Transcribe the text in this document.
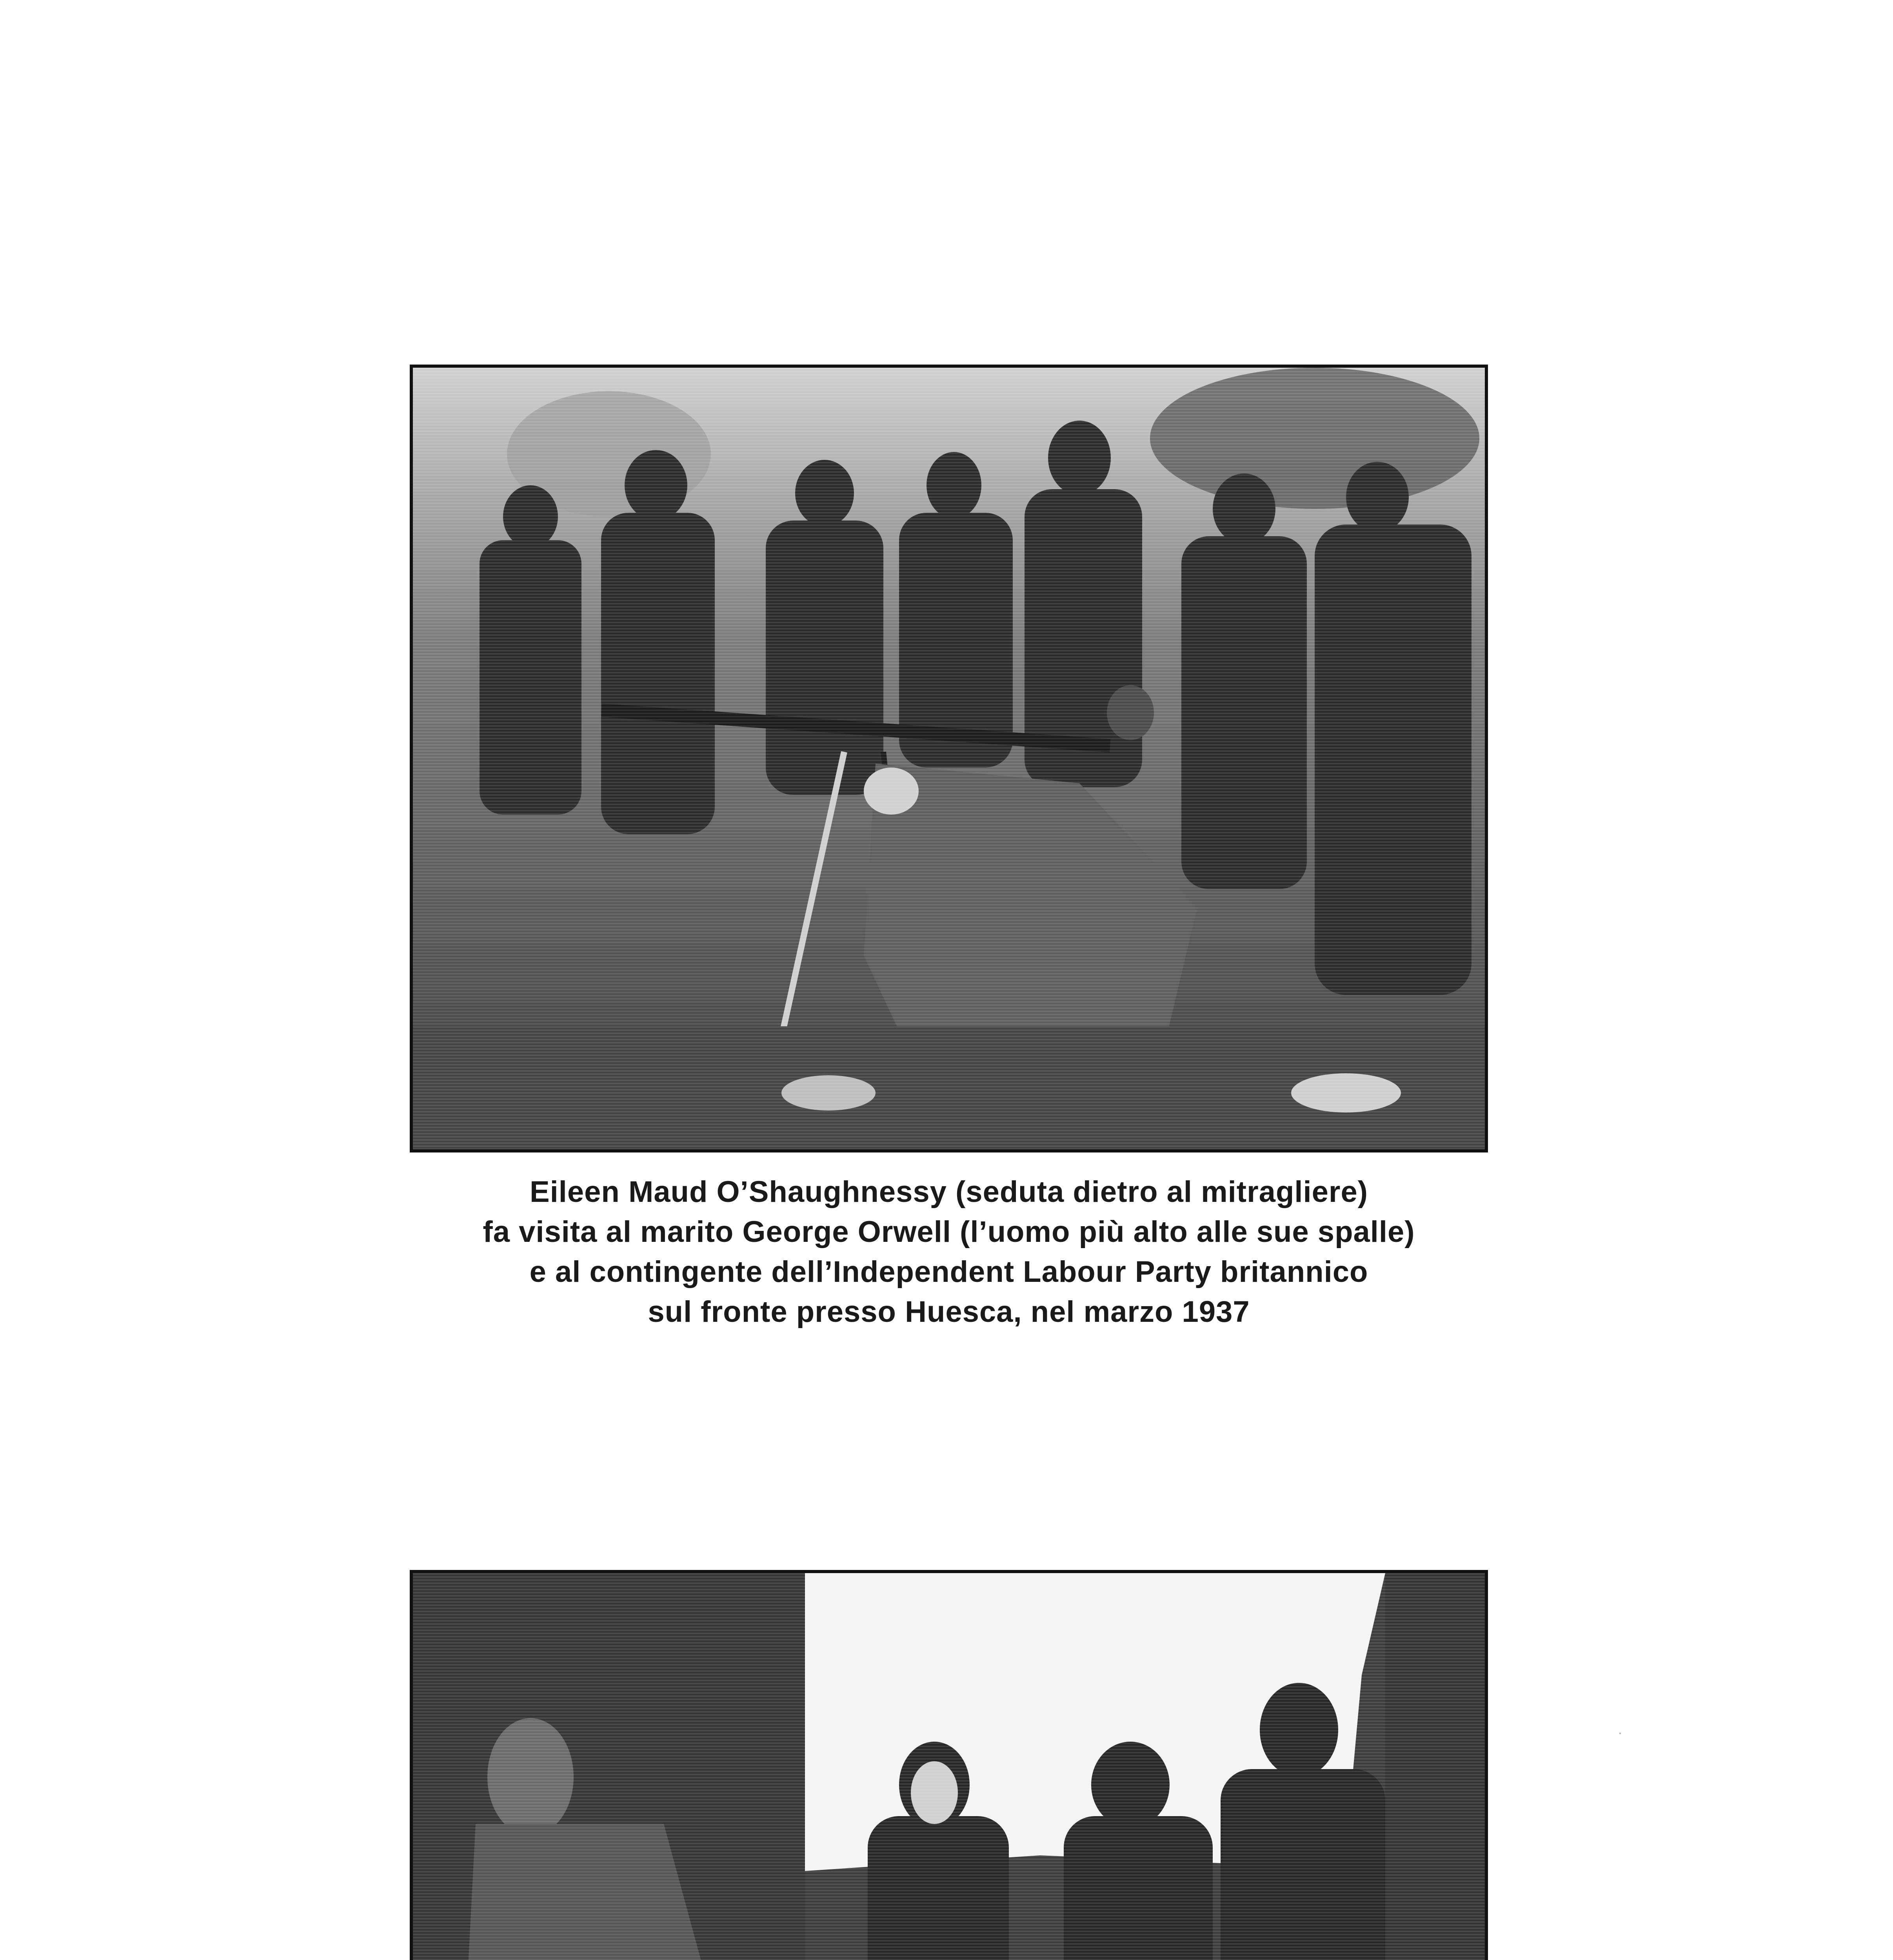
Eileen Maud O’Shaughnessy (seduta dietro al mitragliere)
fa visita al marito George Orwell (l’uomo più alto alle sue spalle)
e al contingente dell’Independent Labour Party britannico
sul fronte presso Huesca, nel marzo 1937
